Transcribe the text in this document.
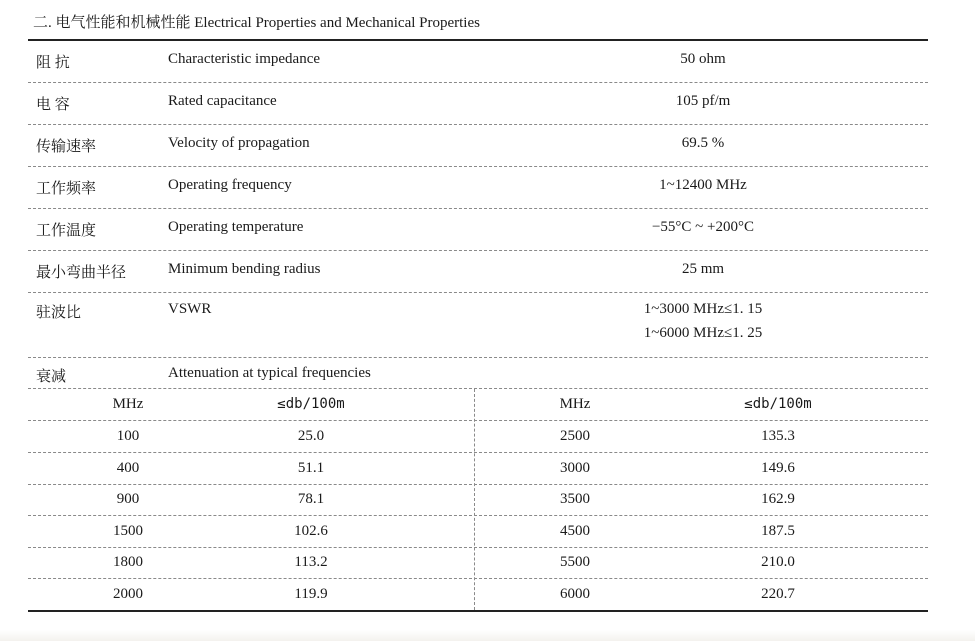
二. 电气性能和机械性能 Electrical Properties and Mechanical Properties
阻 抗	Characteristic impedance	50 ohm
电 容	Rated capacitance	105 pf/m
传输速率	Velocity of propagation	69.5 %
工作频率	Operating frequency	1~12400 MHz
工作温度	Operating temperature	−55°C ~ +200°C
最小弯曲半径	Minimum bending radius	25 mm
驻波比	VSWR	1~3000 MHz≤1. 15
1~6000 MHz≤1. 25
衰减	Attenuation at typical frequencies
MHz	≤db/100m	MHz	≤db/100m
100	25.0	2500	135.3
400	51.1	3000	149.6
900	78.1	3500	162.9
1500	102.6	4500	187.5
1800	113.2	5500	210.0
2000	119.9	6000	220.7
